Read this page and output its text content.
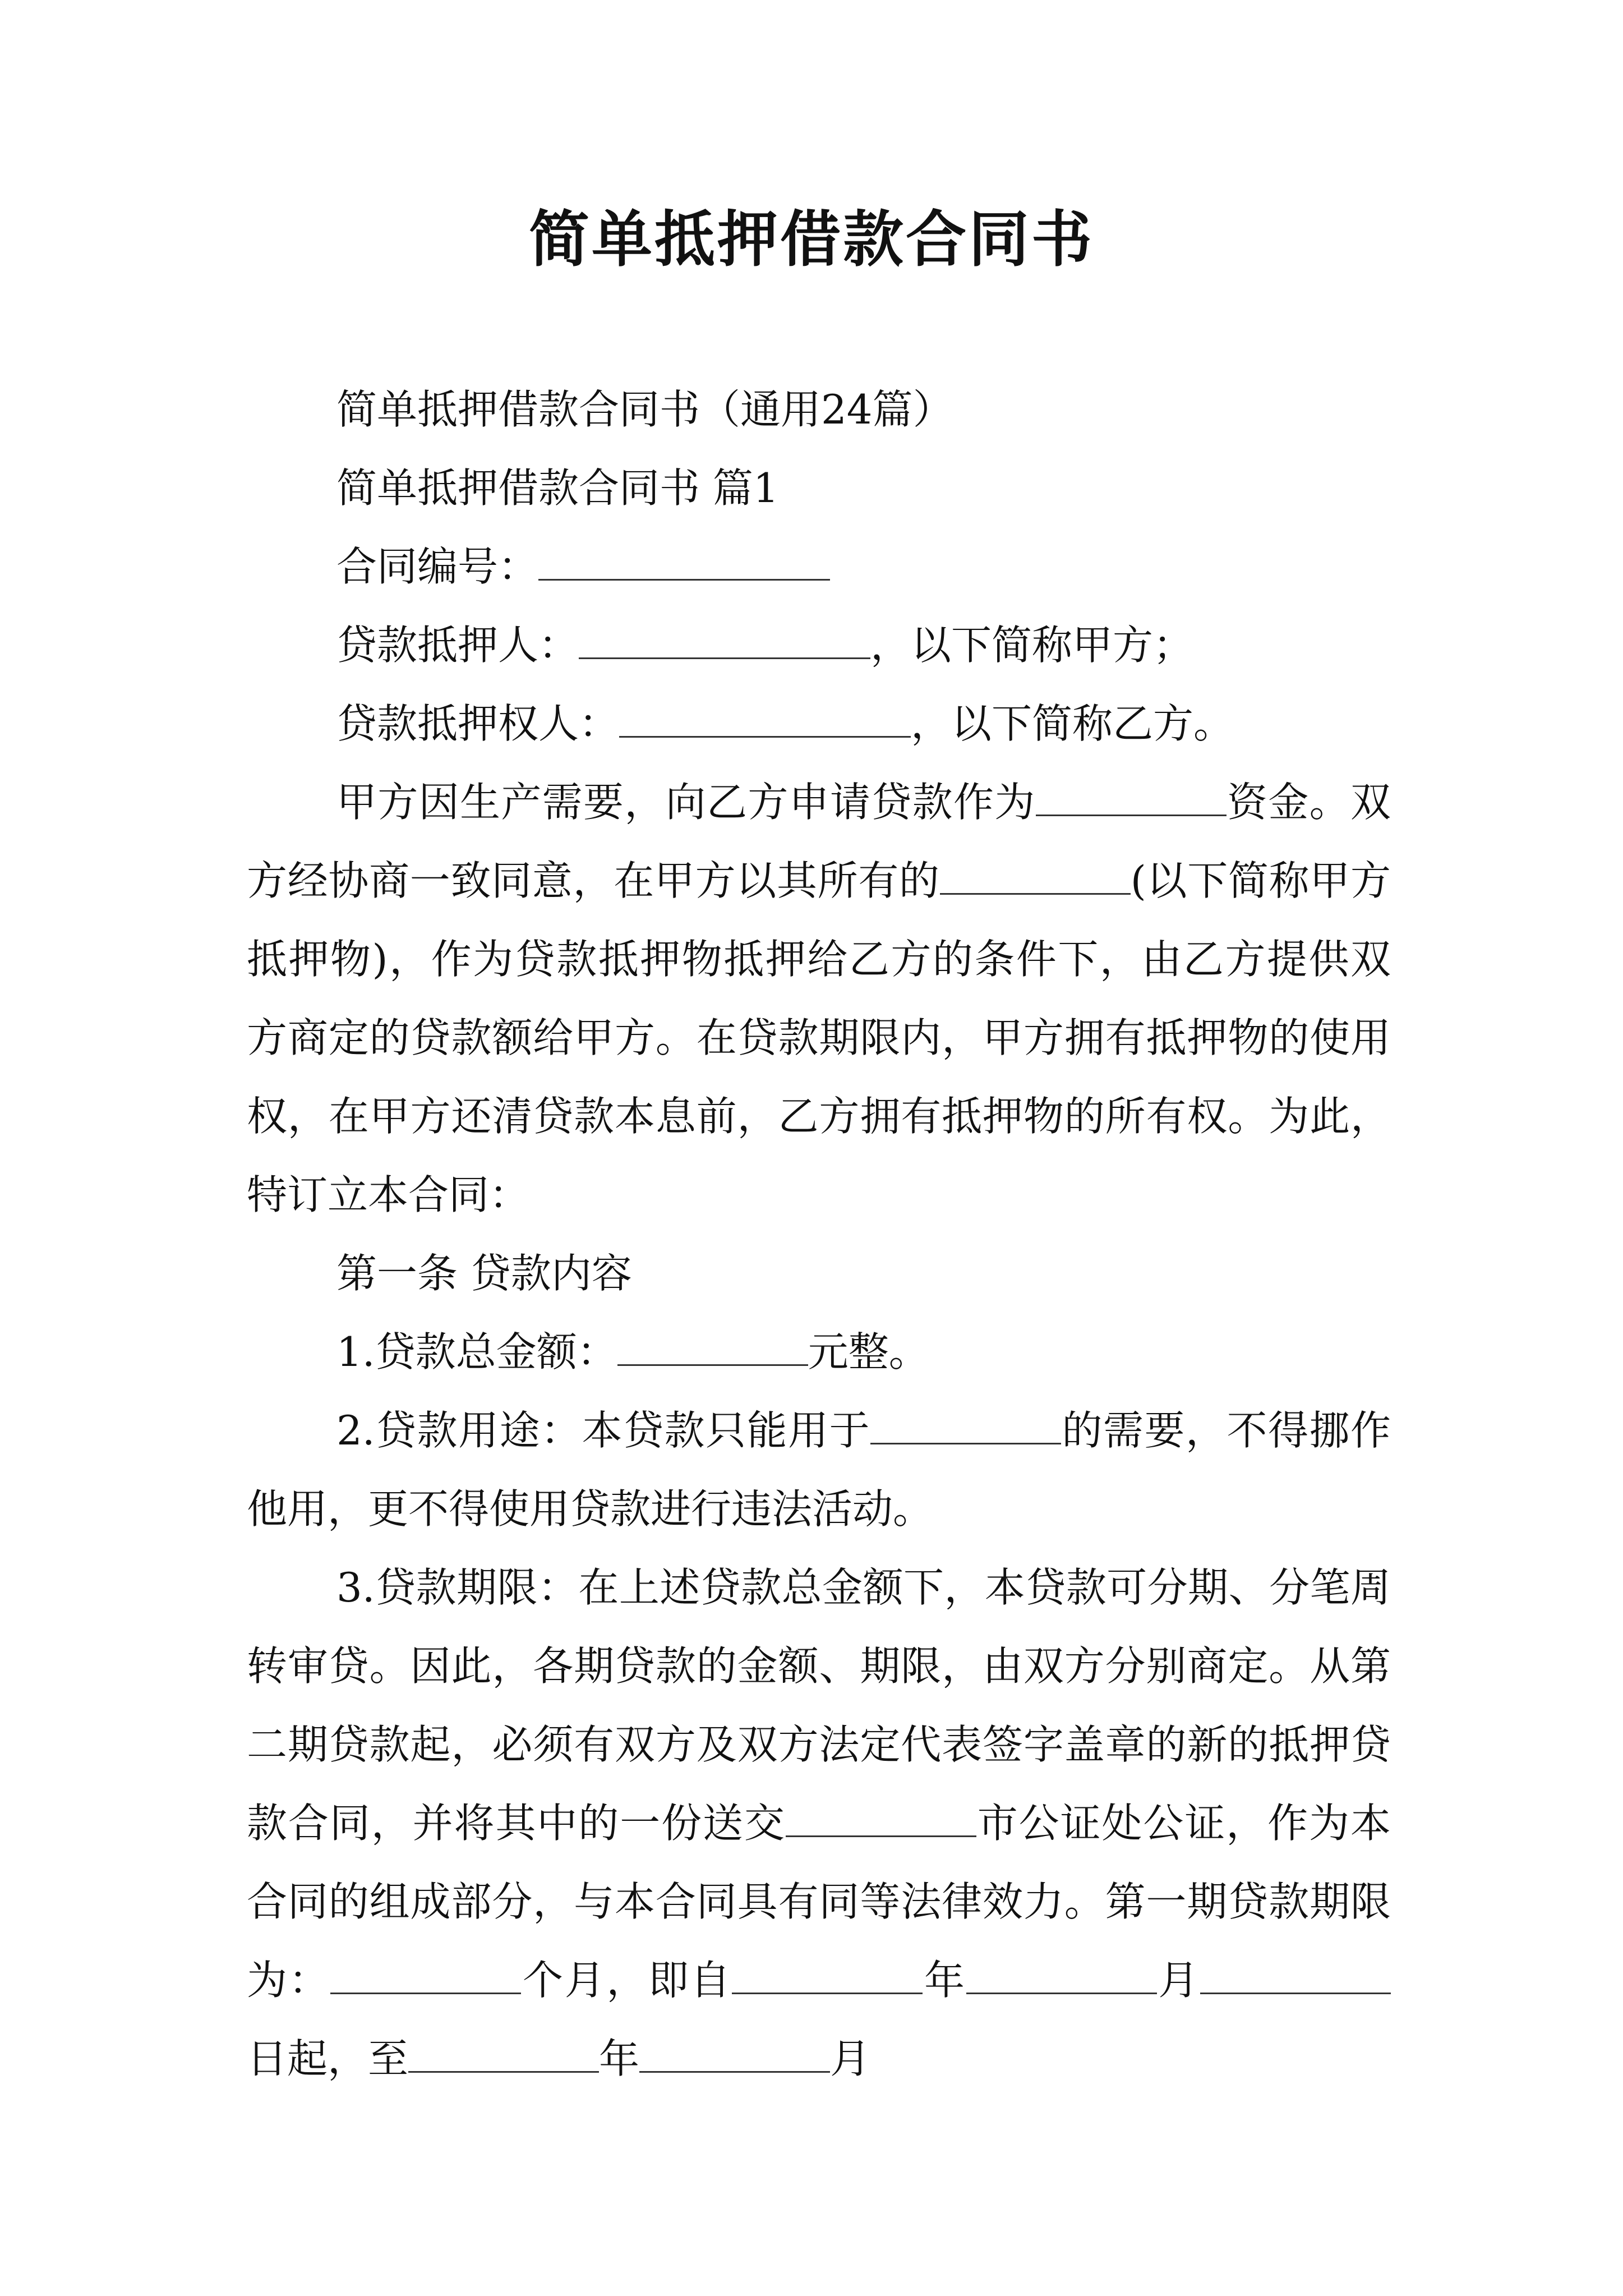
简单抵押借款合同书

简单抵押借款合同书（通用24篇）

简单抵押借款合同书 篇1

合同编号：

贷款抵押人：	，以下简称甲方；

贷款抵押权人：	，以下简称乙方。

甲方因生产需要，向乙方申请贷款作为	资金。双方经协商一致同意，在甲方以其所有的	(以下简称甲方抵押物)，作为贷款抵押物抵押给乙方的条件下，由乙方提供双方商定的贷款额给甲方。在贷款期限内，甲方拥有抵押物的使用权，在甲方还清贷款本息前，乙方拥有抵押物的所有权。为此，特订立本合同：

第一条 贷款内容

1.贷款总金额：	元整。

2.贷款用途：本贷款只能用于	的需要，不得挪作他用，更不得使用贷款进行违法活动。

3.贷款期限：在上述贷款总金额下，本贷款可分期、分笔周转审贷。因此，各期贷款的金额、期限，由双方分别商定。从第二期贷款起，必须有双方及双方法定代表签字盖章的新的抵押贷款合同，并将其中的一份送交	市公证处公证，作为本合同的组成部分，与本合同具有同等法律效力。第一期贷款期限为：	个月，即自	年	月日起，至	年	月
